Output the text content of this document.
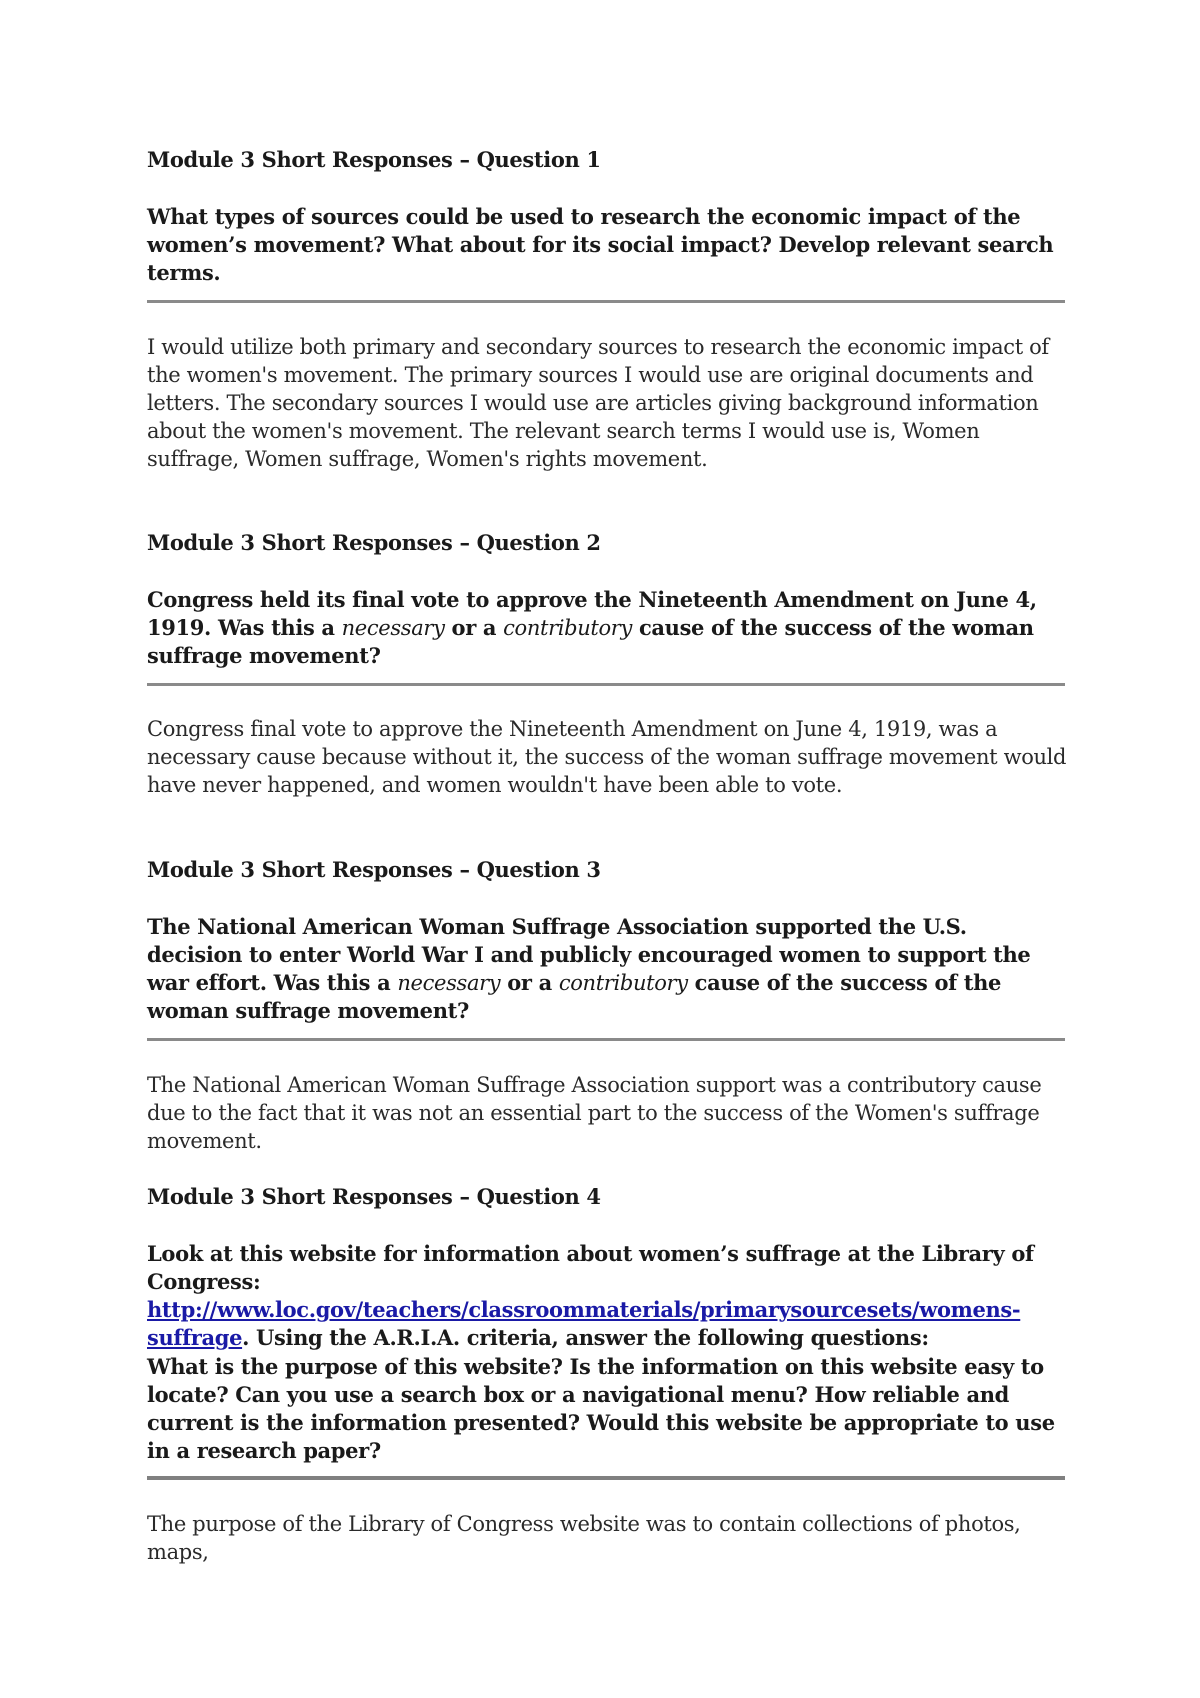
Module 3 Short Responses – Question 1

What types of sources could be used to research the economic impact of the women’s movement? What about for its social impact? Develop relevant search terms.

I would utilize both primary and secondary sources to research the economic impact of the women's movement. The primary sources I would use are original documents and letters. The secondary sources I would use are articles giving background information about the women's movement. The relevant search terms I would use is, Women suffrage, Women suffrage, Women's rights movement.

Module 3 Short Responses – Question 2

Congress held its final vote to approve the Nineteenth Amendment on June 4, 1919. Was this a necessary or a contributory cause of the success of the woman suffrage movement?

Congress final vote to approve the Nineteenth Amendment on June 4, 1919, was a necessary cause because without it, the success of the woman suffrage movement would have never happened, and women wouldn't have been able to vote.

Module 3 Short Responses – Question 3

The National American Woman Suffrage Association supported the U.S. decision to enter World War I and publicly encouraged women to support the war effort. Was this a necessary or a contributory cause of the success of the woman suffrage movement?

The National American Woman Suffrage Association support was a contributory cause due to the fact that it was not an essential part to the success of the Women's suffrage movement.

Module 3 Short Responses – Question 4

Look at this website for information about women’s suffrage at the Library of Congress: http://www.loc.gov/teachers/classroommaterials/primarysourcesets/womens-suffrage. Using the A.R.I.A. criteria, answer the following questions:

What is the purpose of this website? Is the information on this website easy to locate? Can you use a search box or a navigational menu? How reliable and current is the information presented? Would this website be appropriate to use in a research paper?

The purpose of the Library of Congress website was to contain collections of photos, maps,
